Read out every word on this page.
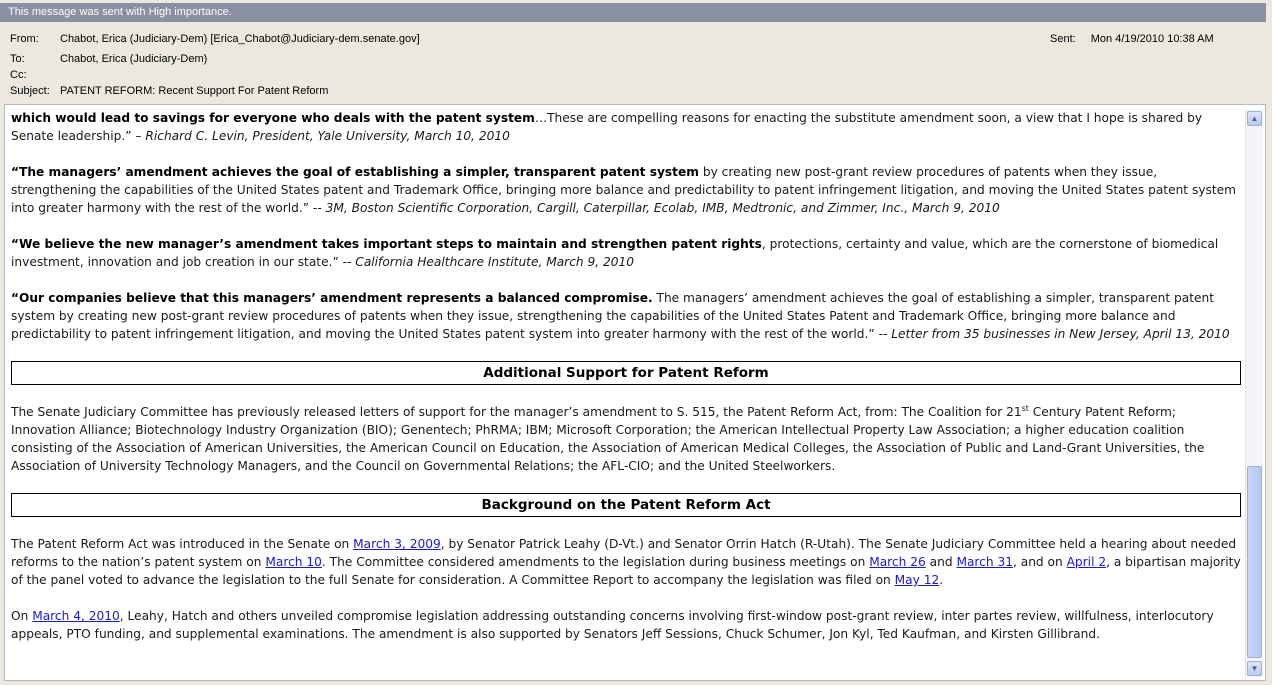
This message was sent with High importance.
From: Chabot, Erica (Judiciary-Dem) [Erica_Chabot@Judiciary-dem.senate.gov]	Sent: Mon 4/19/2010 10:38 AM
To:	Chabot, Erica (Judiciary-Dem)
Cc:
Subject: PATENT REFORM: Recent Support For Patent Reform

which would lead to savings for everyone who deals with the patent system…These are compelling reasons for enacting the substitute amendment soon, a view that I hope is shared by Senate leadership.” – Richard C. Levin, President, Yale University, March 10, 2010

“The managers’ amendment achieves the goal of establishing a simpler, transparent patent system by creating new post-grant review procedures of patents when they issue, strengthening the capabilities of the United States patent and Trademark Office, bringing more balance and predictability to patent infringement litigation, and moving the United States patent system into greater harmony with the rest of the world.” -- 3M, Boston Scientific Corporation, Cargill, Caterpillar, Ecolab, IMB, Medtronic, and Zimmer, Inc., March 9, 2010

“We believe the new manager’s amendment takes important steps to maintain and strengthen patent rights, protections, certainty and value, which are the cornerstone of biomedical investment, innovation and job creation in our state.” -- California Healthcare Institute, March 9, 2010

“Our companies believe that this managers’ amendment represents a balanced compromise. The managers’ amendment achieves the goal of establishing a simpler, transparent patent system by creating new post-grant review procedures of patents when they issue, strengthening the capabilities of the United States Patent and Trademark Office, bringing more balance and predictability to patent infringement litigation, and moving the United States patent system into greater harmony with the rest of the world.” -- Letter from 35 businesses in New Jersey, April 13, 2010

Additional Support for Patent Reform

The Senate Judiciary Committee has previously released letters of support for the manager’s amendment to S. 515, the Patent Reform Act, from: The Coalition for 21st Century Patent Reform; Innovation Alliance; Biotechnology Industry Organization (BIO); Genentech; PhRMA; IBM; Microsoft Corporation; the American Intellectual Property Law Association; a higher education coalition consisting of the Association of American Universities, the American Council on Education, the Association of American Medical Colleges, the Association of Public and Land-Grant Universities, the Association of University Technology Managers, and the Council on Governmental Relations; the AFL-CIO; and the United Steelworkers.

Background on the Patent Reform Act

The Patent Reform Act was introduced in the Senate on March 3, 2009, by Senator Patrick Leahy (D-Vt.) and Senator Orrin Hatch (R-Utah). The Senate Judiciary Committee held a hearing about needed reforms to the nation’s patent system on March 10. The Committee considered amendments to the legislation during business meetings on March 26 and March 31, and on April 2, a bipartisan majority of the panel voted to advance the legislation to the full Senate for consideration. A Committee Report to accompany the legislation was filed on May 12.

On March 4, 2010, Leahy, Hatch and others unveiled compromise legislation addressing outstanding concerns involving first-window post-grant review, inter partes review, willfulness, interlocutory appeals, PTO funding, and supplemental examinations. The amendment is also supported by Senators Jeff Sessions, Chuck Schumer, Jon Kyl, Ted Kaufman, and Kirsten Gillibrand.

▲
▼
